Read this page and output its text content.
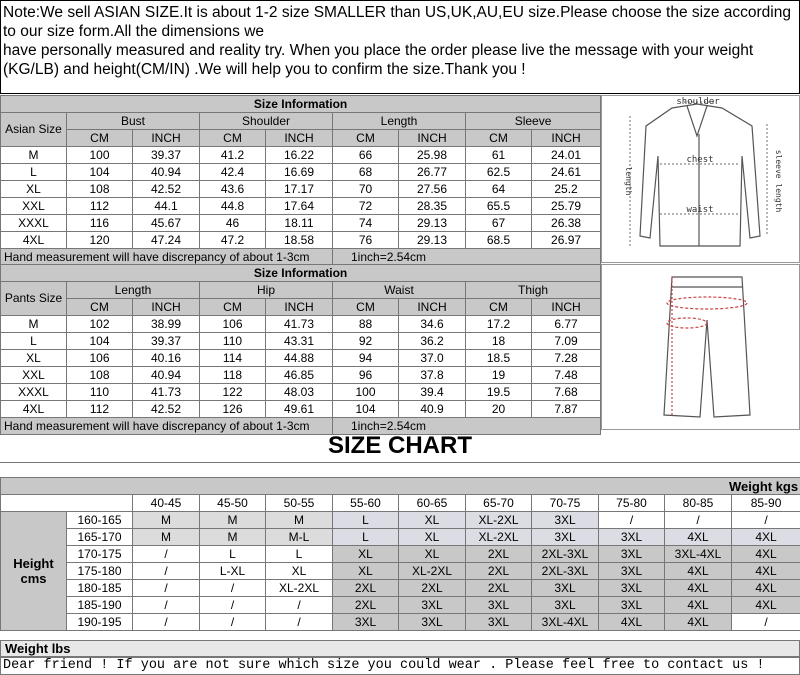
Note:We sell ASIAN SIZE.It is about 1-2 size SMALLER than US,UK,AU,EU size.Please choose the size according to our size form.All the dimensions we
have personally measured and reality try. When you place the order please live the message with your weight (KG/LB) and height(CM/IN) .We will help you to confirm the size.Thank you !
Size Information								
Asian Size	Bust		Shoulder		Length		Sleeve	
	CM	INCH	CM	INCH	CM	INCH	CM	INCH
M	100	39.37	41.2	16.22	66	25.98	61	24.01
L	104	40.94	42.4	16.69	68	26.77	62.5	24.61
XL	108	42.52	43.6	17.17	70	27.56	64	25.2
XXL	112	44.1	44.8	17.64	72	28.35	65.5	25.79
XXXL	116	45.67	46	18.11	74	29.13	67	26.38
4XL	120	47.24	47.2	18.58	76	29.13	68.5	26.97
Hand measurement will have discrepancy of about 1-3cm					1inch=2.54cm			
shoulder
chest
waist
length	sleeve length
Size Information								
Pants Size	Length		Hip		Waist		Thigh	
	CM	INCH	CM	INCH	CM	INCH	CM	INCH
M	102	38.99	106	41.73	88	34.6	17.2	6.77
L	104	39.37	110	43.31	92	36.2	18	7.09
XL	106	40.16	114	44.88	94	37.0	18.5	7.28
XXL	108	40.94	118	46.85	96	37.8	19	7.48
XXXL	110	41.73	122	48.03	100	39.4	19.5	7.68
4XL	112	42.52	126	49.61	104	40.9	20	7.87
Hand measurement will have discrepancy of about 1-3cm					1inch=2.54cm			
SIZE CHART
Weight kgs											
		40-45	45-50	50-55	55-60	60-65	65-70	70-75	75-80	80-85	85-90

Height
cms	160-165	M	M	M	L	XL	XL-2XL	3XL	/	/	/
	165-170	M	M	M-L	L	XL	XL-2XL	3XL	3XL	4XL	4XL
	170-175	/	L	L	XL	XL	2XL	2XL-3XL	3XL	3XL-4XL	4XL
	175-180	/	L-XL	XL	XL	XL-2XL	2XL	2XL-3XL	3XL	4XL	4XL
	180-185	/	/	XL-2XL	2XL	2XL	2XL	3XL	3XL	4XL	4XL
	185-190	/	/	/	2XL	3XL	3XL	3XL	3XL	4XL	4XL
	190-195	/	/	/	3XL	3XL	3XL	3XL-4XL	4XL	4XL	/
Weight lbs
Dear friend ! If you are not sure which size you could wear . Please feel free to contact us !
